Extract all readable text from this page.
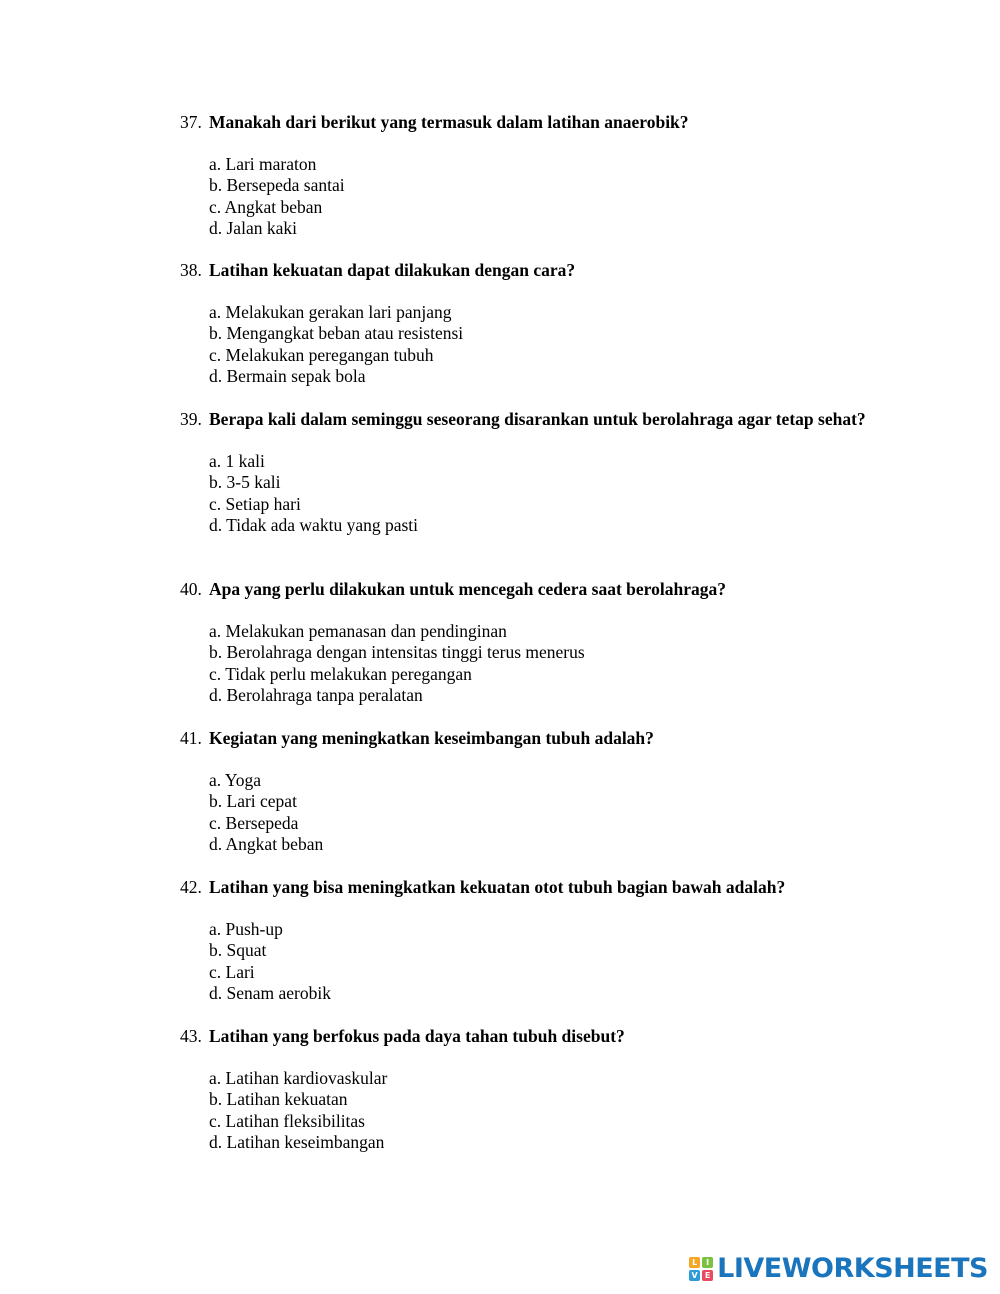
37. Manakah dari berikut yang termasuk dalam latihan anaerobik?
a. Lari maraton
b. Bersepeda santai
c. Angkat beban
d. Jalan kaki
38. Latihan kekuatan dapat dilakukan dengan cara?
a. Melakukan gerakan lari panjang
b. Mengangkat beban atau resistensi
c. Melakukan peregangan tubuh
d. Bermain sepak bola
39. Berapa kali dalam seminggu seseorang disarankan untuk berolahraga agar tetap sehat?
a. 1 kali
b. 3-5 kali
c. Setiap hari
d. Tidak ada waktu yang pasti
40. Apa yang perlu dilakukan untuk mencegah cedera saat berolahraga?
a. Melakukan pemanasan dan pendinginan
b. Berolahraga dengan intensitas tinggi terus menerus
c. Tidak perlu melakukan peregangan
d. Berolahraga tanpa peralatan
41. Kegiatan yang meningkatkan keseimbangan tubuh adalah?
a. Yoga
b. Lari cepat
c. Bersepeda
d. Angkat beban
42. Latihan yang bisa meningkatkan kekuatan otot tubuh bagian bawah adalah?
a. Push-up
b. Squat
c. Lari
d. Senam aerobik
43. Latihan yang berfokus pada daya tahan tubuh disebut?
a. Latihan kardiovaskular
b. Latihan kekuatan
c. Latihan fleksibilitas
d. Latihan keseimbangan
L	I
V E LIVEWORKSHEETS
